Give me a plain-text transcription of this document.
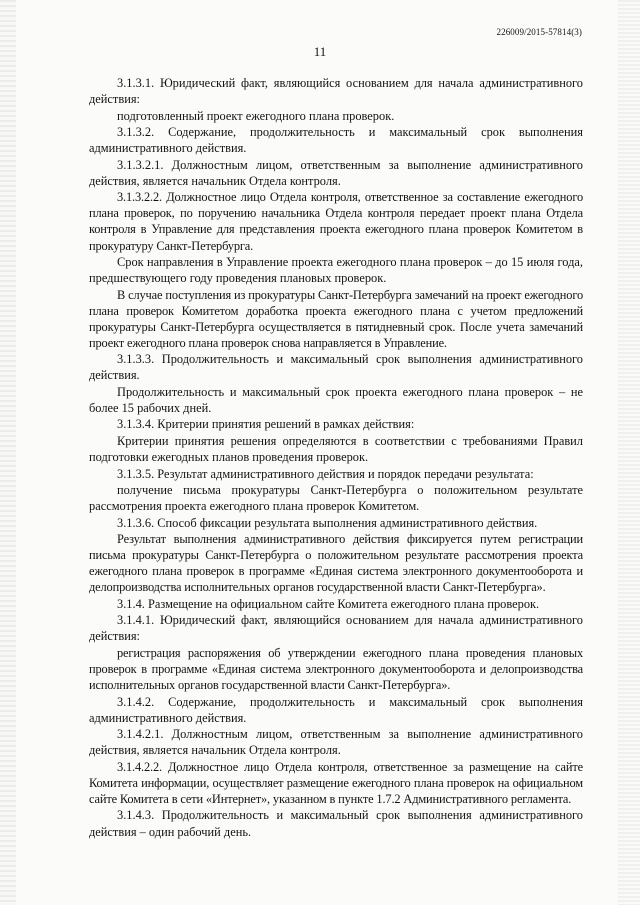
226009/2015-57814(3)
11

3.1.3.1. Юридический факт, являющийся основанием для начала административного действия:

подготовленный проект ежегодного плана проверок.

3.1.3.2. Содержание, продолжительность и максимальный срок выполнения административного действия.

3.1.3.2.1. Должностным лицом, ответственным за выполнение административного действия, является начальник Отдела контроля.

3.1.3.2.2. Должностное лицо Отдела контроля, ответственное за составление ежегодного плана проверок, по поручению начальника Отдела контроля передает проект плана Отдела контроля в Управление для представления проекта ежегодного плана проверок Комитетом в прокуратуру Санкт-Петербурга.

Срок направления в Управление проекта ежегодного плана проверок – до 15 июля года, предшествующего году проведения плановых проверок.

В случае поступления из прокуратуры Санкт-Петербурга замечаний на проект ежегодного плана проверок Комитетом доработка проекта ежегодного плана с учетом предложений прокуратуры Санкт-Петербурга осуществляется в пятидневный срок. После учета замечаний проект ежегодного плана проверок снова направляется в Управление.

3.1.3.3. Продолжительность и максимальный срок выполнения административного действия.

Продолжительность и максимальный срок проекта ежегодного плана проверок – не более 15 рабочих дней.

3.1.3.4. Критерии принятия решений в рамках действия:

Критерии принятия решения определяются в соответствии с требованиями Правил подготовки ежегодных планов проведения проверок.

3.1.3.5. Результат административного действия и порядок передачи результата:

получение письма прокуратуры Санкт-Петербурга о положительном результате рассмотрения проекта ежегодного плана проверок Комитетом.

3.1.3.6. Способ фиксации результата выполнения административного действия.

Результат выполнения административного действия фиксируется путем регистрации письма прокуратуры Санкт-Петербурга о положительном результате рассмотрения проекта ежегодного плана проверок в программе «Единая система электронного документооборота и делопроизводства исполнительных органов государственной власти Санкт-Петербурга».

3.1.4. Размещение на официальном сайте Комитета ежегодного плана проверок.

3.1.4.1. Юридический факт, являющийся основанием для начала административного действия:

регистрация распоряжения об утверждении ежегодного плана проведения плановых проверок в программе «Единая система электронного документооборота и делопроизводства исполнительных органов государственной власти Санкт-Петербурга».

3.1.4.2. Содержание, продолжительность и максимальный срок выполнения административного действия.

3.1.4.2.1. Должностным лицом, ответственным за выполнение административного действия, является начальник Отдела контроля.

3.1.4.2.2. Должностное лицо Отдела контроля, ответственное за размещение на сайте Комитета информации, осуществляет размещение ежегодного плана проверок на официальном сайте Комитета в сети «Интернет», указанном в пункте 1.7.2 Административного регламента.

3.1.4.3. Продолжительность и максимальный срок выполнения административного действия – один рабочий день.
